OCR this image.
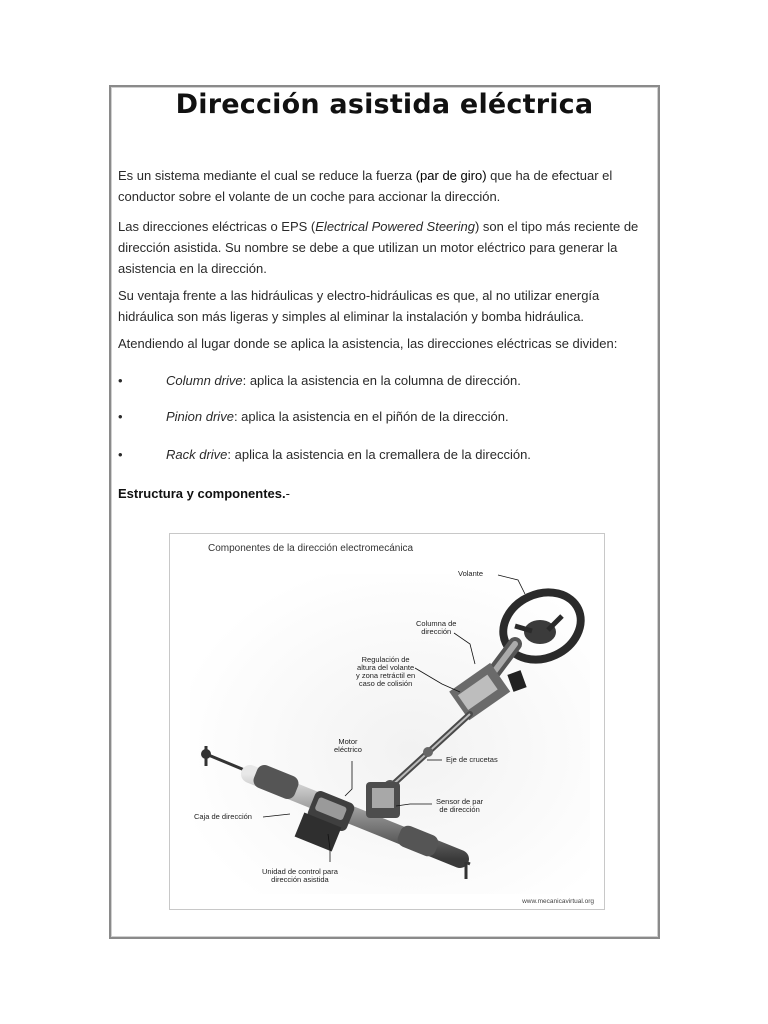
Dirección asistida eléctrica
Es un sistema mediante el cual se reduce la fuerza (par de giro) que ha de efectuar el conductor sobre el volante de un coche para accionar la dirección.
Las direcciones eléctricas o EPS (Electrical Powered Steering) son el tipo más reciente de dirección asistida. Su nombre se debe a que utilizan un motor eléctrico para generar la asistencia en la dirección.
Su ventaja frente a las hidráulicas y electro-hidráulicas es que, al no utilizar energía hidráulica son más ligeras y simples al eliminar la instalación y bomba hidráulica.
Atendiendo al lugar donde se aplica la asistencia, las direcciones eléctricas se dividen:
•	Column drive: aplica la asistencia en la columna de dirección.
•	Pinion drive: aplica la asistencia en el piñón de la dirección.
•	Rack drive: aplica la asistencia en la cremallera de la dirección.
Estructura y componentes.-
Componentes de la dirección electromecánica
Volante
Columna de
dirección
Regulación de
altura del volante
y zona retráctil en
caso de colisión
Motor
eléctrico
Eje de crucetas
Caja de dirección
Sensor de par
de dirección
Unidad de control para
dirección asistida
www.mecanicavirtual.org
